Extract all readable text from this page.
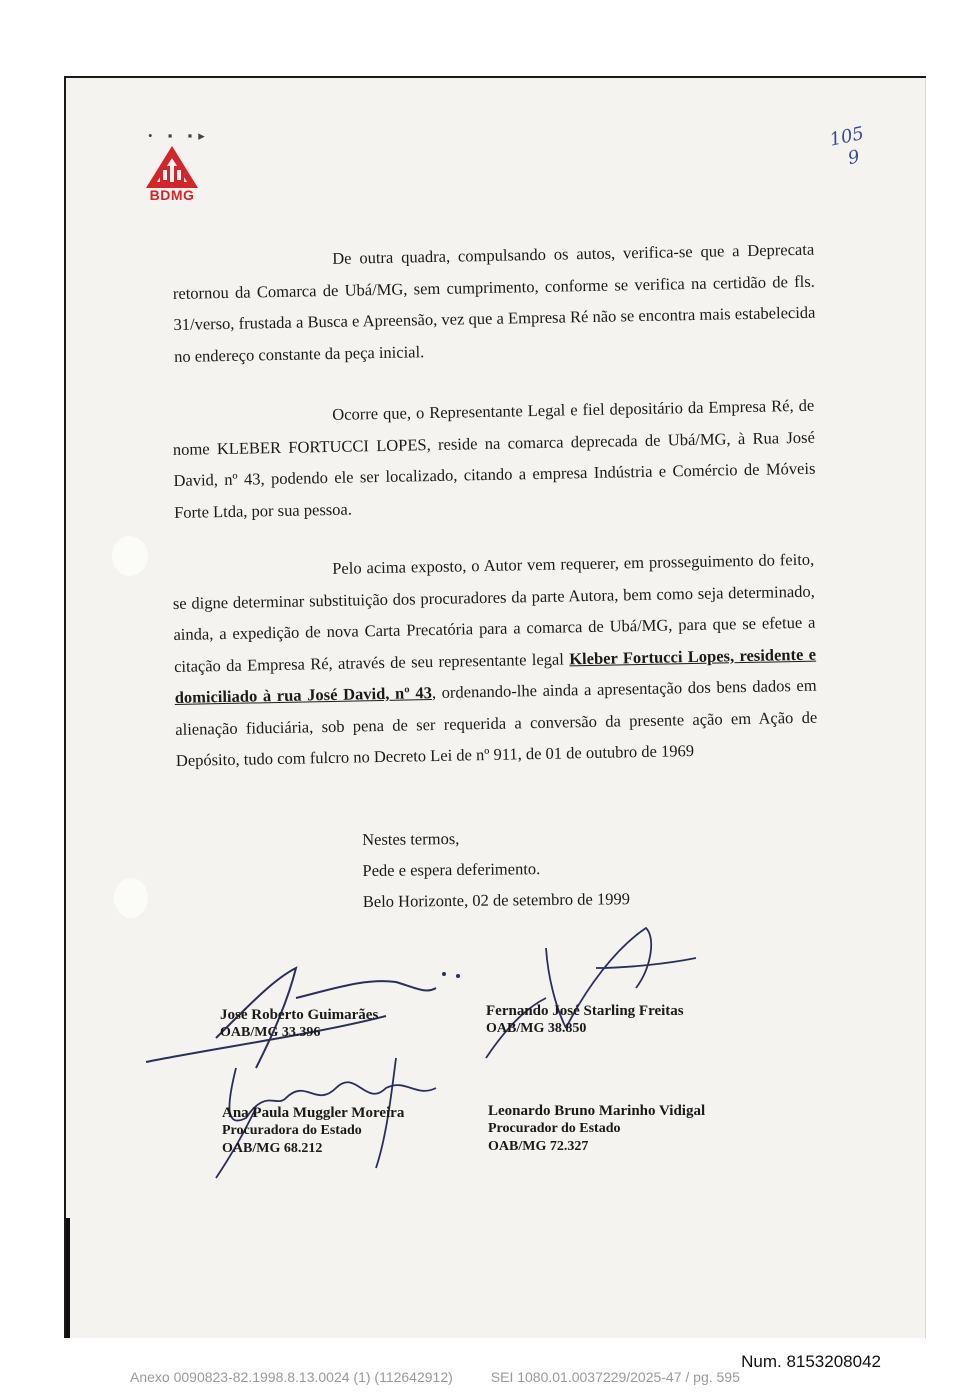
• ▪ ▪▸
BDMG
105
9

De outra quadra, compulsando os autos, verifica-se que a Deprecata retornou da Comarca de Ubá/MG, sem cumprimento, conforme se verifica na certidão de fls. 31/verso, frustada a Busca e Apreensão, vez que a Empresa Ré não se encontra mais estabelecida no endereço constante da peça inicial.

Ocorre que, o Representante Legal e fiel depositário da Empresa Ré, de nome KLEBER FORTUCCI LOPES, reside na comarca deprecada de Ubá/MG, à Rua José David, nº 43, podendo ele ser localizado, citando a empresa Indústria e Comércio de Móveis Forte Ltda, por sua pessoa.

Pelo acima exposto, o Autor vem requerer, em prosseguimento do feito, se digne determinar substituição dos procuradores da parte Autora, bem como seja determinado, ainda, a expedição de nova Carta Precatória para a comarca de Ubá/MG, para que se efetue a citação da Empresa Ré, através de seu representante legal Kleber Fortucci Lopes, residente e domiciliado à rua José David, nº 43, ordenando-lhe ainda a apresentação dos bens dados em alienação fiduciária, sob pena de ser requerida a conversão da presente ação em Ação de Depósito, tudo com fulcro no Decreto Lei de nº 911, de 01 de outubro de 1969

Nestes termos,
Pede e espera deferimento.
Belo Horizonte, 02 de setembro de 1999
José Roberto Guimarães
OAB/MG 33.396
Fernando José Starling Freitas
OAB/MG 38.850
Ana Paula Muggler Moreira
Procuradora do Estado
OAB/MG 68.212
Leonardo Bruno Marinho Vidigal
Procurador do Estado
OAB/MG 72.327
Num. 8153208042
Anexo 0090823-82.1998.8.13.0024 (1) (112642912)	SEI 1080.01.0037229/2025-47 / pg. 595
